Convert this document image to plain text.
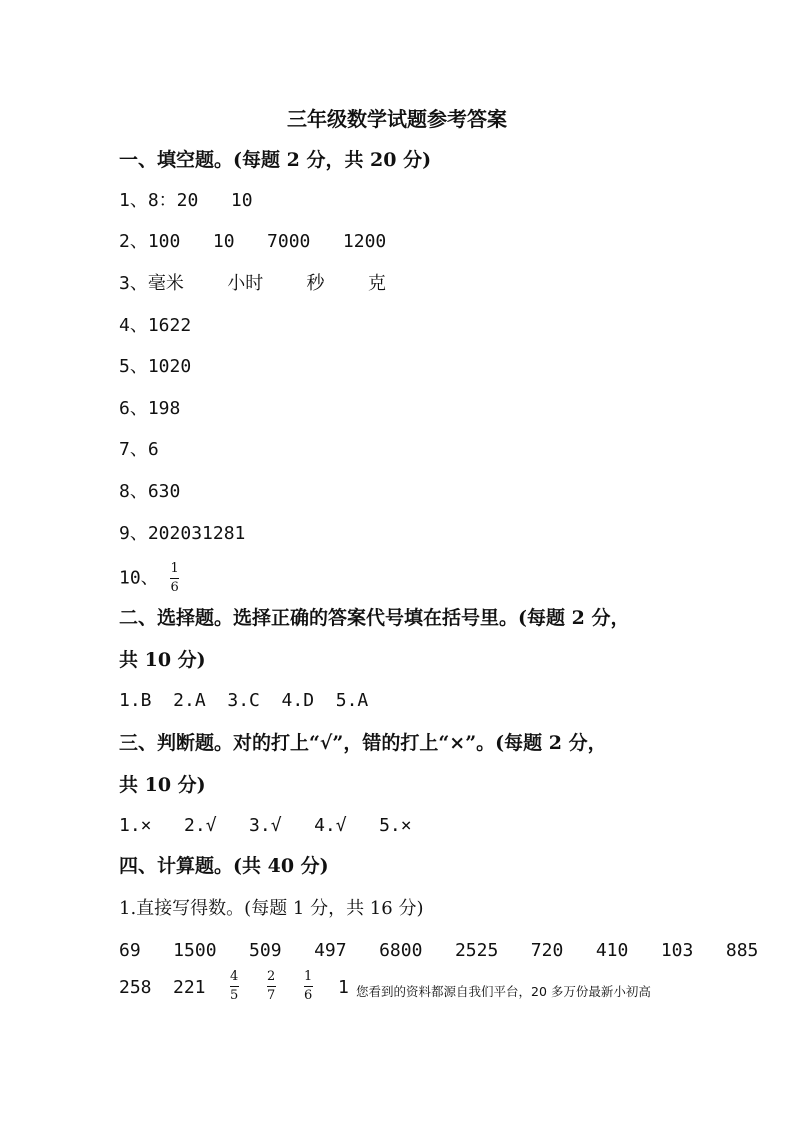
三年级数学试题参考答案
一、填空题。(每题 2 分，共 20 分)
1、8：20   10
2、100   10   7000   1200
3、毫米    小时    秒    克
4、1622
5、1020
6、198
7、6
8、630
9、202031281
10、 $\frac{1}{6}$
二、选择题。选择正确的答案代号填在括号里。(每题 2 分，
共 10 分)
1.B  2.A  3.C  4.D  5.A
三、判断题。对的打上“√”，错的打上“×”。(每题 2 分，
共 10 分)
1.×   2.√   3.√   4.√   5.×
四、计算题。(共 40 分)
1.直接写得数。(每题 1 分，共 16 分)
69   1500   509   497   6800   2525   720   410   103   885
258 221
4
5
2
7
1
6 1 您看到的资料都源自我们平台，20 多万份最新小初高
